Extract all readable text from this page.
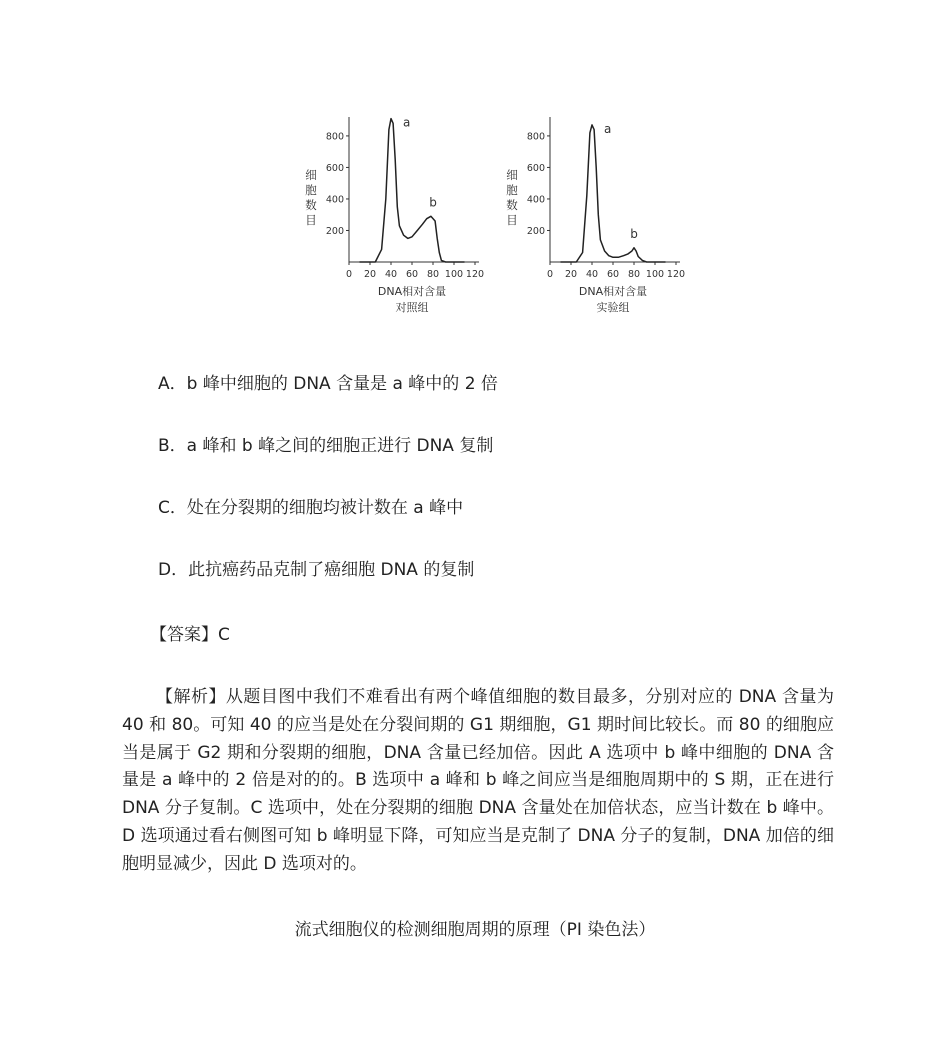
800
600
400
200
0 20 40 60 80 100 120
细
胞
数
目
DNA相对含量
对照组
a
b
800
600
400
200
0 20 40 60 80 100 120
细
胞
数
目
DNA相对含量
实验组
a
b
A．b 峰中细胞的 DNA 含量是 a 峰中的 2 倍
B．a 峰和 b 峰之间的细胞正进行 DNA 复制
C．处在分裂期的细胞均被计数在 a 峰中
D．此抗癌药品克制了癌细胞 DNA 的复制
【答案】C
【解析】从题目图中我们不难看出有两个峰值细胞的数目最多，分别对应的 DNA 含量为 40 和 80。可知 40 的应当是处在分裂间期的 G1 期细胞，G1 期时间比较长。而 80 的细胞应当是属于 G2 期和分裂期的细胞，DNA 含量已经加倍。因此 A 选项中 b 峰中细胞的 DNA 含量是 a 峰中的 2 倍是对的的。B 选项中 a 峰和 b 峰之间应当是细胞周期中的 S 期，正在进行 DNA 分子复制。C 选项中，处在分裂期的细胞 DNA 含量处在加倍状态，应当计数在 b 峰中。D 选项通过看右侧图可知 b 峰明显下降，可知应当是克制了 DNA 分子的复制，DNA 加倍的细胞明显减少，因此 D 选项对的。
流式细胞仪的检测细胞周期的原理（PI 染色法）
